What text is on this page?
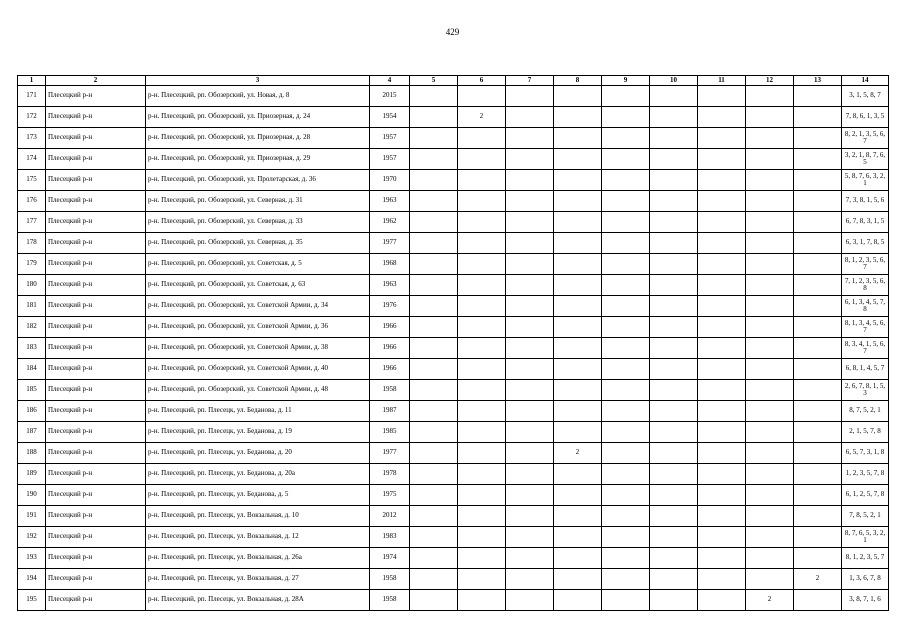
429
1	2	3	4	5	6	7	8	9	10	11	12	13	14
171	Плесецкий р-н	р-н. Плесецкий, рп. Обозерский, ул. Новая, д. 8	2015										3, 1, 5, 8, 7
172	Плесецкий р-н	р-н. Плесецкий, рп. Обозерский, ул. Приозерная, д. 24	1954		2								7, 8, 6, 1, 3, 5
173	Плесецкий р-н	р-н. Плесецкий, рп. Обозерский, ул. Приозерная, д. 28	1957										8, 2, 1, 3, 5, 6, 7
174	Плесецкий р-н	р-н. Плесецкий, рп. Обозерский, ул. Приозерная, д. 29	1957										3, 2, 1, 8, 7, 6, 5
175	Плесецкий р-н	р-н. Плесецкий, рп. Обозерский, ул. Пролетарская, д. 36	1970										5, 8, 7, 6, 3, 2, 1
176	Плесецкий р-н	р-н. Плесецкий, рп. Обозерский, ул. Северная, д. 31	1963										7, 3, 8, 1, 5, 6
177	Плесецкий р-н	р-н. Плесецкий, рп. Обозерский, ул. Северная, д. 33	1962										6, 7, 8, 3, 1, 5
178	Плесецкий р-н	р-н. Плесецкий, рп. Обозерский, ул. Северная, д. 35	1977										6, 3, 1, 7, 8, 5
179	Плесецкий р-н	р-н. Плесецкий, рп. Обозерский, ул. Советская, д. 5	1968										8, 1, 2, 3, 5, 6, 7
180	Плесецкий р-н	р-н. Плесецкий, рп. Обозерский, ул. Советская, д. 63	1963										7, 1, 2, 3, 5, 6, 8
181	Плесецкий р-н	р-н. Плесецкий, рп. Обозерский, ул. Советской Армии, д. 34	1976										6, 1, 3, 4, 5, 7, 8
182	Плесецкий р-н	р-н. Плесецкий, рп. Обозерский, ул. Советской Армии, д. 36	1966										8, 1, 3, 4, 5, 6, 7
183	Плесецкий р-н	р-н. Плесецкий, рп. Обозерский, ул. Советской Армии, д. 38	1966										8, 3, 4, 1, 5, 6, 7
184	Плесецкий р-н	р-н. Плесецкий, рп. Обозерский, ул. Советской Армии, д. 40	1966										6, 8, 1, 4, 5, 7
185	Плесецкий р-н	р-н. Плесецкий, рп. Обозерский, ул. Советской Армии, д. 48	1958										2, 6, 7, 8, 1, 5, 3
186	Плесецкий р-н	р-н. Плесецкий, рп. Плесецк, ул. Беданова, д. 11	1987										8, 7, 5, 2, 1
187	Плесецкий р-н	р-н. Плесецкий, рп. Плесецк, ул. Беданова, д. 19	1985										2, 1, 5, 7, 8
188	Плесецкий р-н	р-н. Плесецкий, рп. Плесецк, ул. Беданова, д. 20	1977				2						6, 5, 7, 3, 1, 8
189	Плесецкий р-н	р-н. Плесецкий, рп. Плесецк, ул. Беданова, д. 20а	1978										1, 2, 3, 5, 7, 8
190	Плесецкий р-н	р-н. Плесецкий, рп. Плесецк, ул. Беданова, д. 5	1975										6, 1, 2, 5, 7, 8
191	Плесецкий р-н	р-н. Плесецкий, рп. Плесецк, ул. Вокзальная, д. 10	2012										7, 8, 5, 2, 1
192	Плесецкий р-н	р-н. Плесецкий, рп. Плесецк, ул. Вокзальная, д. 12	1983										8, 7, 6, 5, 3, 2, 1
193	Плесецкий р-н	р-н. Плесецкий, рп. Плесецк, ул. Вокзальная, д. 26а	1974										8, 1, 2, 3, 5, 7
194	Плесецкий р-н	р-н. Плесецкий, рп. Плесецк, ул. Вокзальная, д. 27	1958									2	1, 3, 6, 7, 8
195	Плесецкий р-н	р-н. Плесецкий, рп. Плесецк, ул. Вокзальная, д. 28А	1958								2		3, 8, 7, 1, 6
